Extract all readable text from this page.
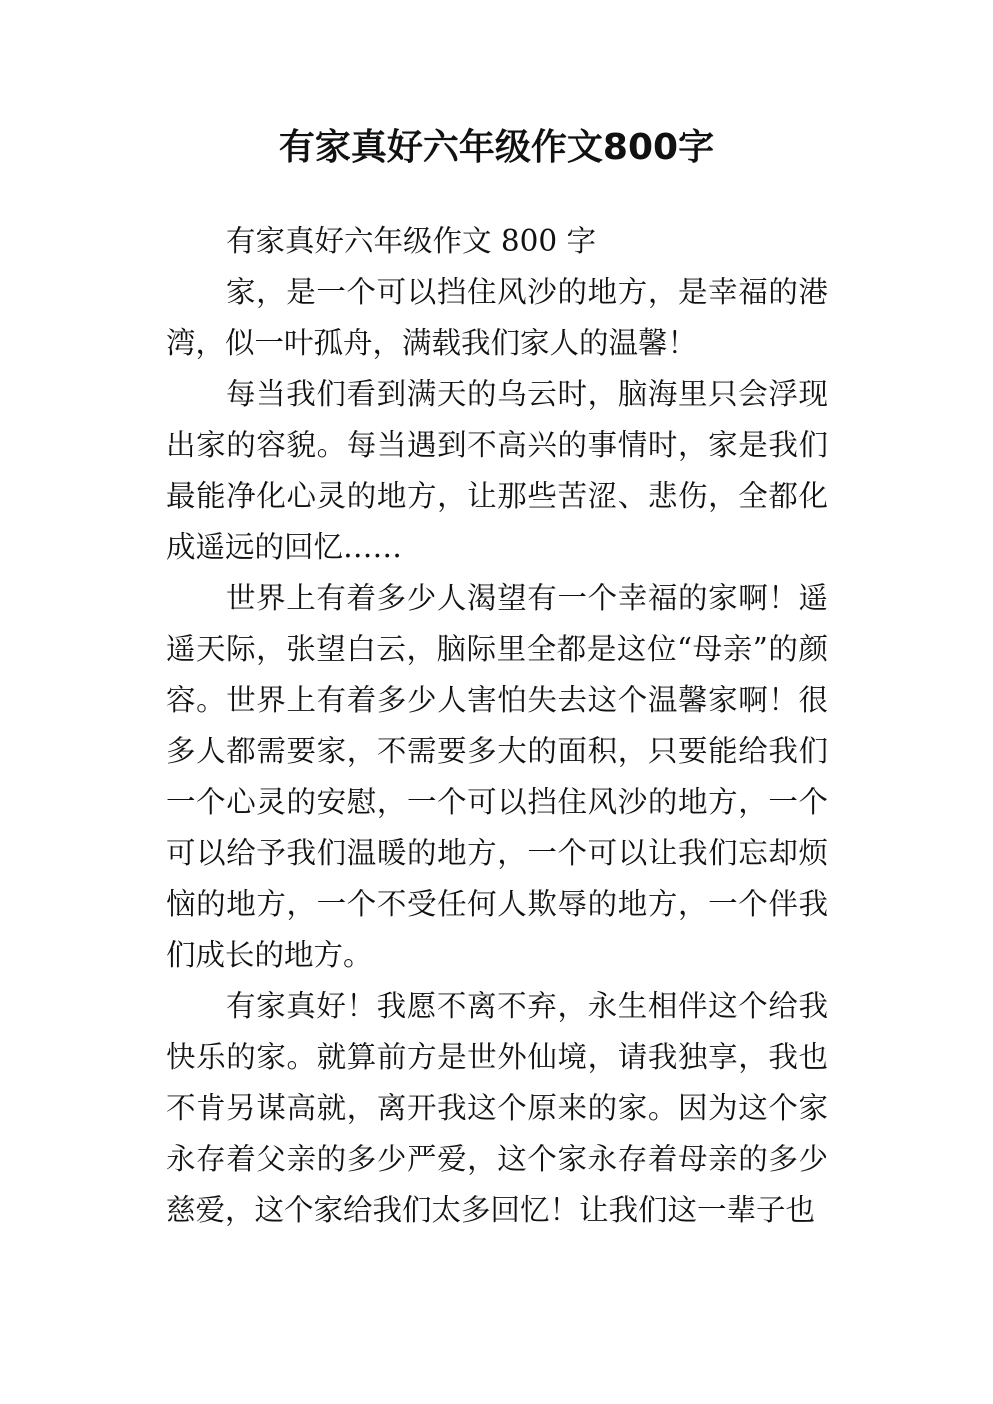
有家真好六年级作文800字

有家真好六年级作文 800 字

家，是一个可以挡住风沙的地方，是幸福的港湾，似一叶孤舟，满载我们家人的温馨！

每当我们看到满天的乌云时，脑海里只会浮现出家的容貌。每当遇到不高兴的事情时，家是我们最能净化心灵的地方，让那些苦涩、悲伤，全都化成遥远的回忆……

世界上有着多少人渴望有一个幸福的家啊！遥遥天际，张望白云，脑际里全都是这位“母亲”的颜容。世界上有着多少人害怕失去这个温馨家啊！很多人都需要家，不需要多大的面积，只要能给我们一个心灵的安慰，一个可以挡住风沙的地方，一个可以给予我们温暖的地方，一个可以让我们忘却烦恼的地方，一个不受任何人欺辱的地方，一个伴我们成长的地方。

有家真好！我愿不离不弃，永生相伴这个给我快乐的家。就算前方是世外仙境，请我独享，我也不肯另谋高就，离开我这个原来的家。因为这个家永存着父亲的多少严爱，这个家永存着母亲的多少慈爱，这个家给我们太多回忆！让我们这一辈子也
